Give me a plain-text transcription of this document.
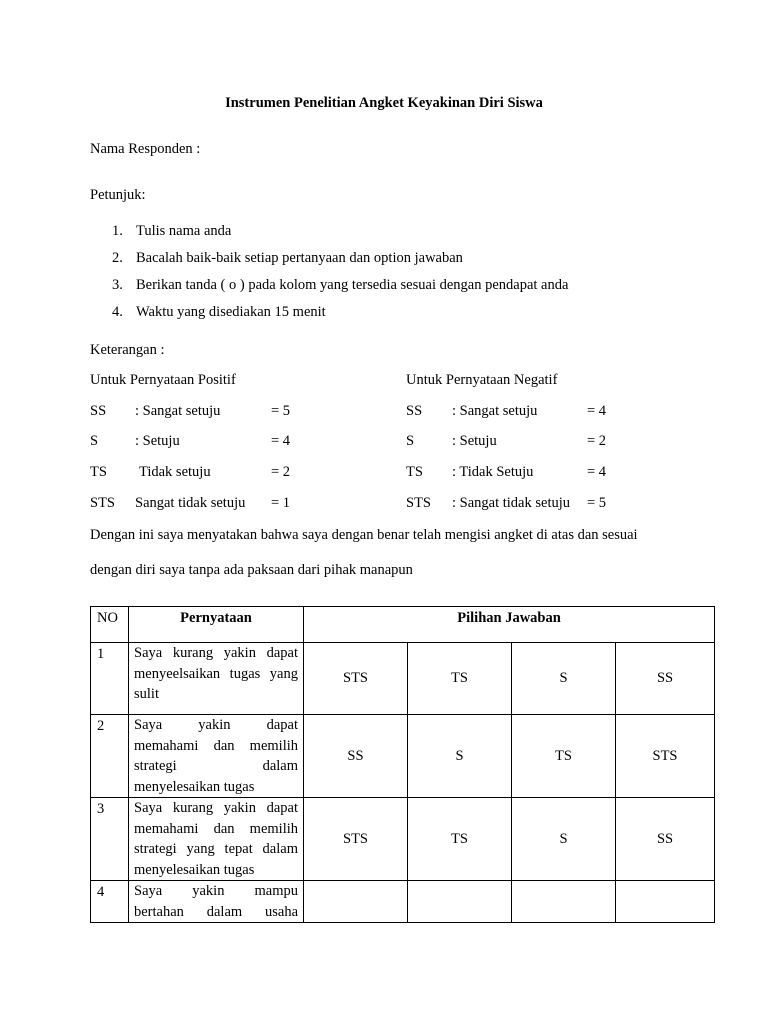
Instrumen Penelitian Angket Keyakinan Diri Siswa
Nama Responden :
Petunjuk:
1. Tulis nama anda
2. Bacalah baik-baik setiap pertanyaan dan option jawaban
3. Berikan tanda ( o ) pada kolom yang tersedia sesuai dengan pendapat anda
4. Waktu yang disediakan 15 menit
Keterangan :
Untuk Pernyataan Positif
SS : Sangat setuju	= 5
S	: Setuju	= 4
TS Tidak setuju	= 2
STS Sangat tidak setuju = 1
Untuk Pernyataan Negatif
SS : Sangat setuju	= 4
S	: Setuju	= 2
TS : Tidak Setuju	= 4
STS : Sangat tidak setuju = 5
Dengan ini saya menyatakan bahwa saya dengan benar telah mengisi angket di atas dan sesuai
dengan diri saya tanpa ada paksaan dari pihak manapun
NO	Pernyataan	Pilihan Jawaban			
1	Saya kurang yakin dapat
menyeelsaikan tugas yang
sulit	STS	TS	S	SS
2	Saya yakin dapat
memahami dan memilih
strategi dalam
menyelesaikan tugas	SS	S	TS	STS
3	Saya kurang yakin dapat
memahami dan memilih
strategi yang tepat dalam
menyelesaikan tugas	STS	TS	S	SS
4	Saya yakin mampu
bertahan dalam usaha				
